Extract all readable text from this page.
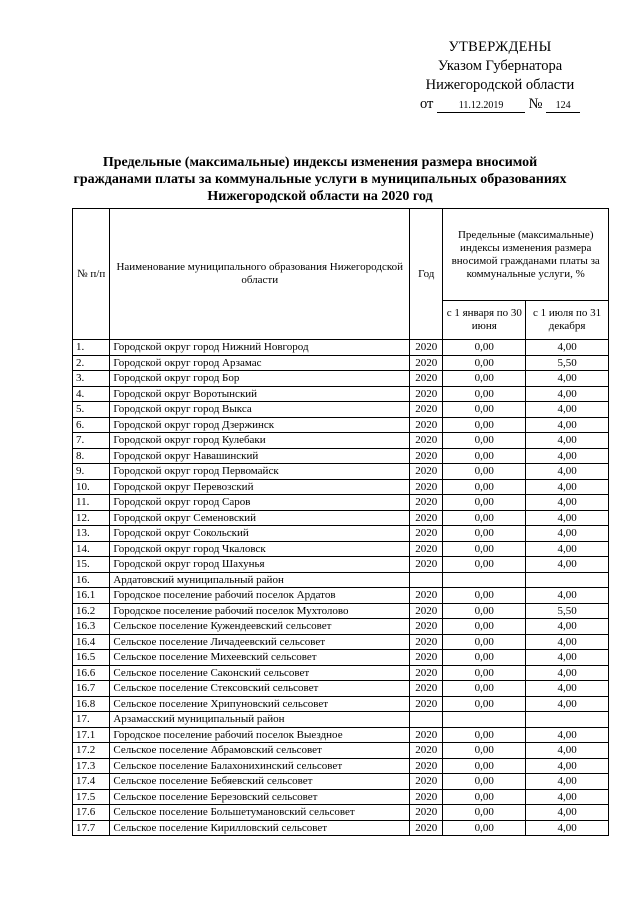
УТВЕРЖДЕНЫ
Указом Губернатора
Нижегородской области
от	11.12.2019 № 124
Предельные (максимальные) индексы изменения размера вносимой
гражданами платы за коммунальные услуги в муниципальных образованиях
Нижегородской области на 2020 год
№ п/п	Наименование муниципального образования Нижегородской области	Год	Предельные (максимальные) индексы изменения размера вносимой гражданами платы за коммунальные услуги, %	
			с 1 января по 30 июня	с 1 июля по 31 декабря
1.	Городской округ город Нижний Новгород	2020	0,00	4,00
2.	Городской округ город Арзамас	2020	0,00	5,50
3.	Городской округ город Бор	2020	0,00	4,00
4.	Городской округ Воротынский	2020	0,00	4,00
5.	Городской округ город Выкса	2020	0,00	4,00
6.	Городской округ город Дзержинск	2020	0,00	4,00
7.	Городской округ город Кулебаки	2020	0,00	4,00
8.	Городской округ Навашинский	2020	0,00	4,00
9.	Городской округ город Первомайск	2020	0,00	4,00
10.	Городской округ Перевозский	2020	0,00	4,00
11.	Городской округ город Саров	2020	0,00	4,00
12.	Городской округ Семеновский	2020	0,00	4,00
13.	Городской округ Сокольский	2020	0,00	4,00
14.	Городской округ город Чкаловск	2020	0,00	4,00
15.	Городской округ город Шахунья	2020	0,00	4,00
16.	Ардатовский муниципальный район			
16.1	Городское поселение рабочий поселок Ардатов	2020	0,00	4,00
16.2	Городское поселение рабочий поселок Мухтолово	2020	0,00	5,50
16.3	Сельское поселение Кужендеевский сельсовет	2020	0,00	4,00
16.4	Сельское поселение Личадеевский сельсовет	2020	0,00	4,00
16.5	Сельское поселение Михеевский сельсовет	2020	0,00	4,00
16.6	Сельское поселение Саконский сельсовет	2020	0,00	4,00
16.7	Сельское поселение Стексовский сельсовет	2020	0,00	4,00
16.8	Сельское поселение Хрипуновский сельсовет	2020	0,00	4,00
17.	Арзамасский муниципальный район			
17.1	Городское поселение рабочий поселок Выездное	2020	0,00	4,00
17.2	Сельское поселение Абрамовский сельсовет	2020	0,00	4,00
17.3	Сельское поселение Балахонихинский сельсовет	2020	0,00	4,00
17.4	Сельское поселение Бебяевский сельсовет	2020	0,00	4,00
17.5	Сельское поселение Березовский сельсовет	2020	0,00	4,00
17.6	Сельское поселение Большетумановский сельсовет	2020	0,00	4,00
17.7	Сельское поселение Кирилловский сельсовет	2020	0,00	4,00
